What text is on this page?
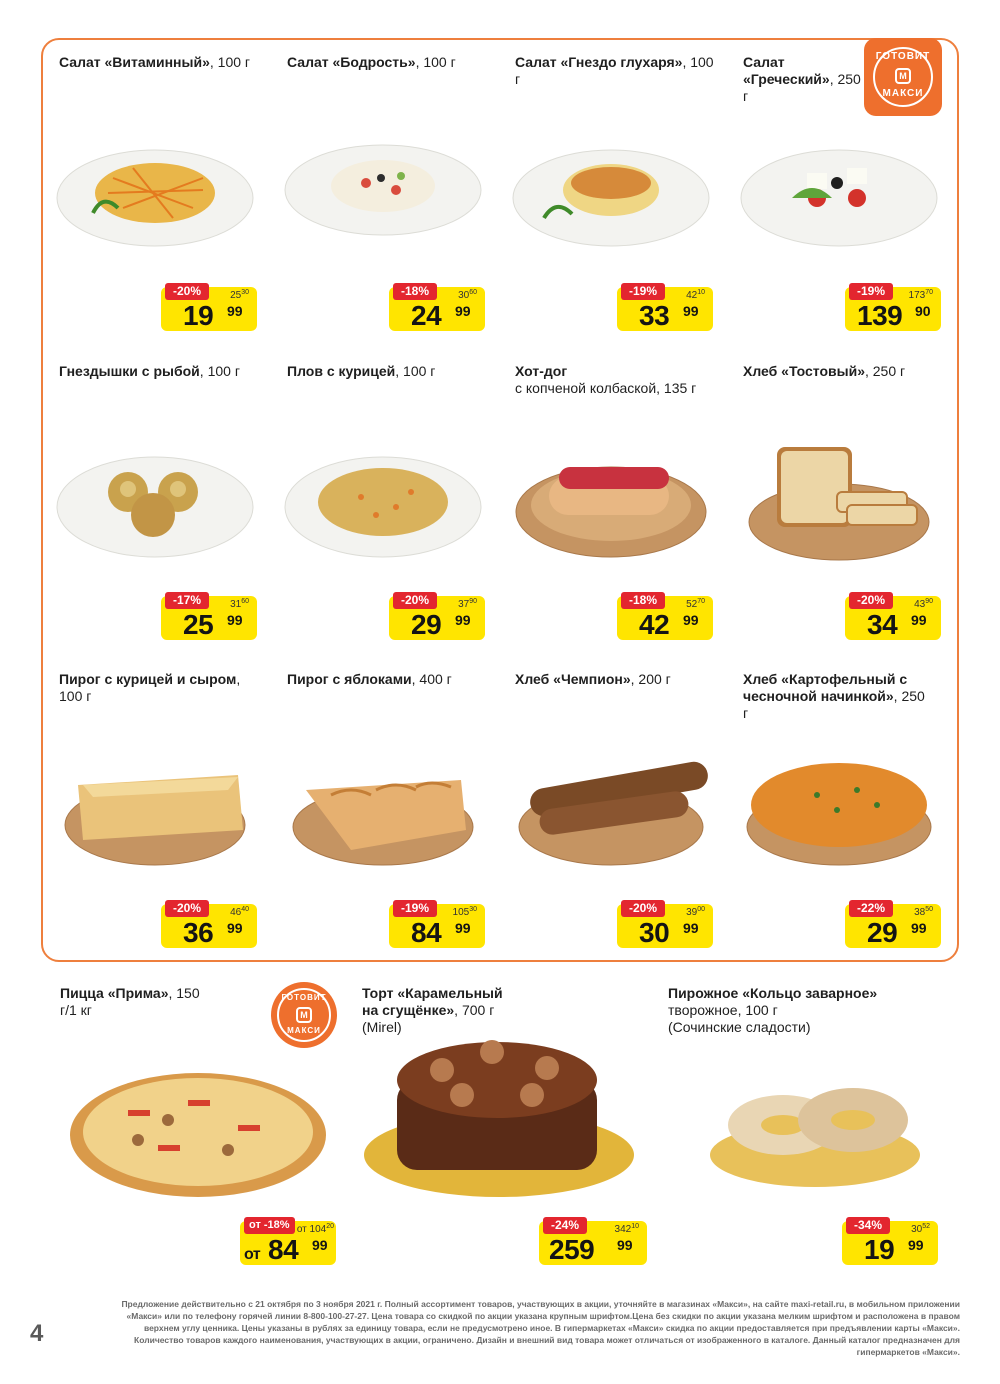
Салат «Витаминный», 100 г
-20%	$25^{30}$
19 99
Салат «Бодрость», 100 г
-18%	$30^{60}$
24 99
Салат «Гнездо глухаря», 100 г
-19%	$42^{10}$
33 99
Салат «Греческий», 250 г
-19%	$173^{70}$
139 90
ГОТОВИТ
М
МАКСИ
Гнездышки с рыбой, 100 г
-17%	$31^{60}$
25 99
Плов с курицей, 100 г
-20%	$37^{90}$
29 99
Хот-дог
с копченой колбаской, 135 г
-18%	$52^{70}$
42 99
Хлеб «Тостовый», 250 г
-20%	$43^{90}$
34 99
Пирог с курицей и сыром, 100 г
-20%	$46^{40}$
36 99
Пирог с яблоками, 400 г
-19%	$105^{30}$
84 99
Хлеб «Чемпион», 200 г
-20%	$39^{00}$
30 99
Хлеб «Картофельный с чесночной начинкой», 250 г
-22%	$38^{50}$
29 99
Пицца «Прима», 150 г/1 кг
от -18% от $104^{20}$
от 84 99
ГОТОВИТ
М
МАКСИ
Торт «Карамельный на сгущёнке», 700 г
(Mirel)
-24%	$342^{10}$
259 99
Пирожное «Кольцо заварное»
творожное, 100 г
(Сочинские сладости)
-34%	$30^{52}$
19 99
4
Предложение действительно с 21 октября по 3 ноября 2021 г. Полный ассортимент товаров, участвующих в акции, уточняйте в магазинах «Макси», на сайте maxi-retail.ru, в мобильном приложении «Макси» или по телефону горячей линии 8-800-100-27-27. Цена товара со скидкой по акции указана крупным шрифтом.Цена без скидки по акции указана мелким шрифтом и расположена в правом верхнем углу ценника. Цены указаны в рублях за единицу товара, если не предусмотрено иное. В гипермаркетах «Макси» скидка по акции предоставляется при предъявлении карты «Макси». Количество товаров каждого наименования, участвующих в акции, ограничено. Дизайн и внешний вид товара может отличаться от изображенного в каталоге. Данный каталог предназначен для гипермаркетов «Макси».
